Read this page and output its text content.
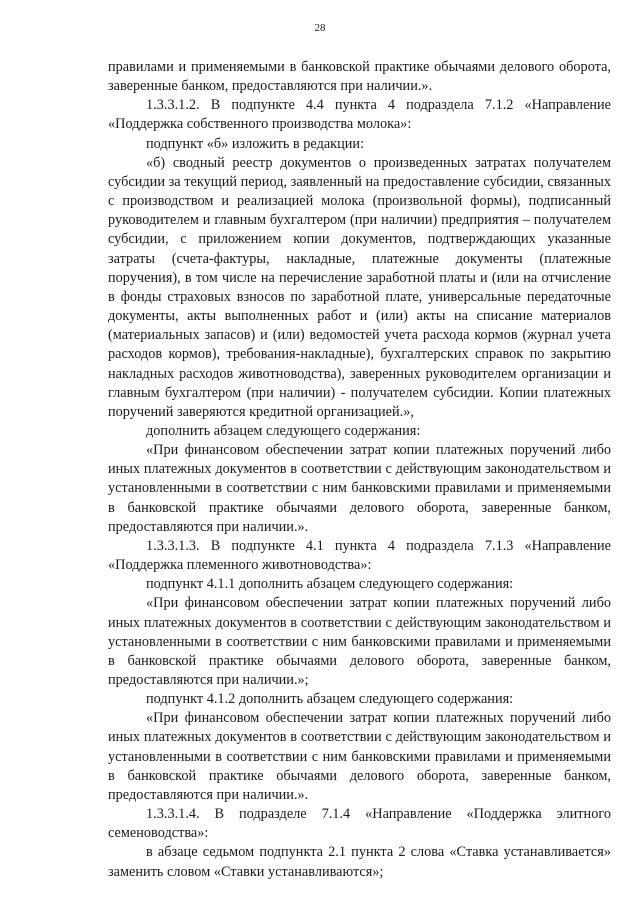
28

правилами и применяемыми в банковской практике обычаями делового оборота, заверенные банком, предоставляются при наличии.».

1.3.3.1.2. В подпункте 4.4 пункта 4 подраздела 7.1.2 «Направление «Поддержка собственного производства молока»:

подпункт «б» изложить в редакции:

«б) сводный реестр документов о произведенных затратах получателем субсидии за текущий период, заявленный на предоставление субсидии, связанных с производством и реализацией молока (произвольной формы), подписанный руководителем и главным бухгалтером (при наличии) предприятия – получателем субсидии, с приложением копии документов, подтверждающих указанные затраты (счета-фактуры, накладные, платежные документы (платежные поручения), в том числе на перечисление заработной платы и (или на отчисление в фонды страховых взносов по заработной плате, универсальные передаточные документы, акты выполненных работ и (или) акты на списание материалов (материальных запасов) и (или) ведомостей учета расхода кормов (журнал учета расходов кормов), требования-накладные), бухгалтерских справок по закрытию накладных расходов животноводства), заверенных руководителем организации и главным бухгалтером (при наличии) - получателем субсидии. Копии платежных поручений заверяются кредитной организацией.»,

дополнить абзацем следующего содержания:

«При финансовом обеспечении затрат копии платежных поручений либо иных платежных документов в соответствии с действующим законодательством и установленными в соответствии с ним банковскими правилами и применяемыми в банковской практике обычаями делового оборота, заверенные банком, предоставляются при наличии.».

1.3.3.1.3. В подпункте 4.1 пункта 4 подраздела 7.1.3 «Направление «Поддержка племенного животноводства»:

подпункт 4.1.1 дополнить абзацем следующего содержания:

«При финансовом обеспечении затрат копии платежных поручений либо иных платежных документов в соответствии с действующим законодательством и установленными в соответствии с ним банковскими правилами и применяемыми в банковской практике обычаями делового оборота, заверенные банком, предоставляются при наличии.»;

подпункт 4.1.2 дополнить абзацем следующего содержания:

«При финансовом обеспечении затрат копии платежных поручений либо иных платежных документов в соответствии с действующим законодательством и установленными в соответствии с ним банковскими правилами и применяемыми в банковской практике обычаями делового оборота, заверенные банком, предоставляются при наличии.».

1.3.3.1.4. В подразделе 7.1.4 «Направление «Поддержка элитного семеноводства»:

в абзаце седьмом подпункта 2.1 пункта 2 слова «Ставка устанавливается» заменить словом «Ставки устанавливаются»;
